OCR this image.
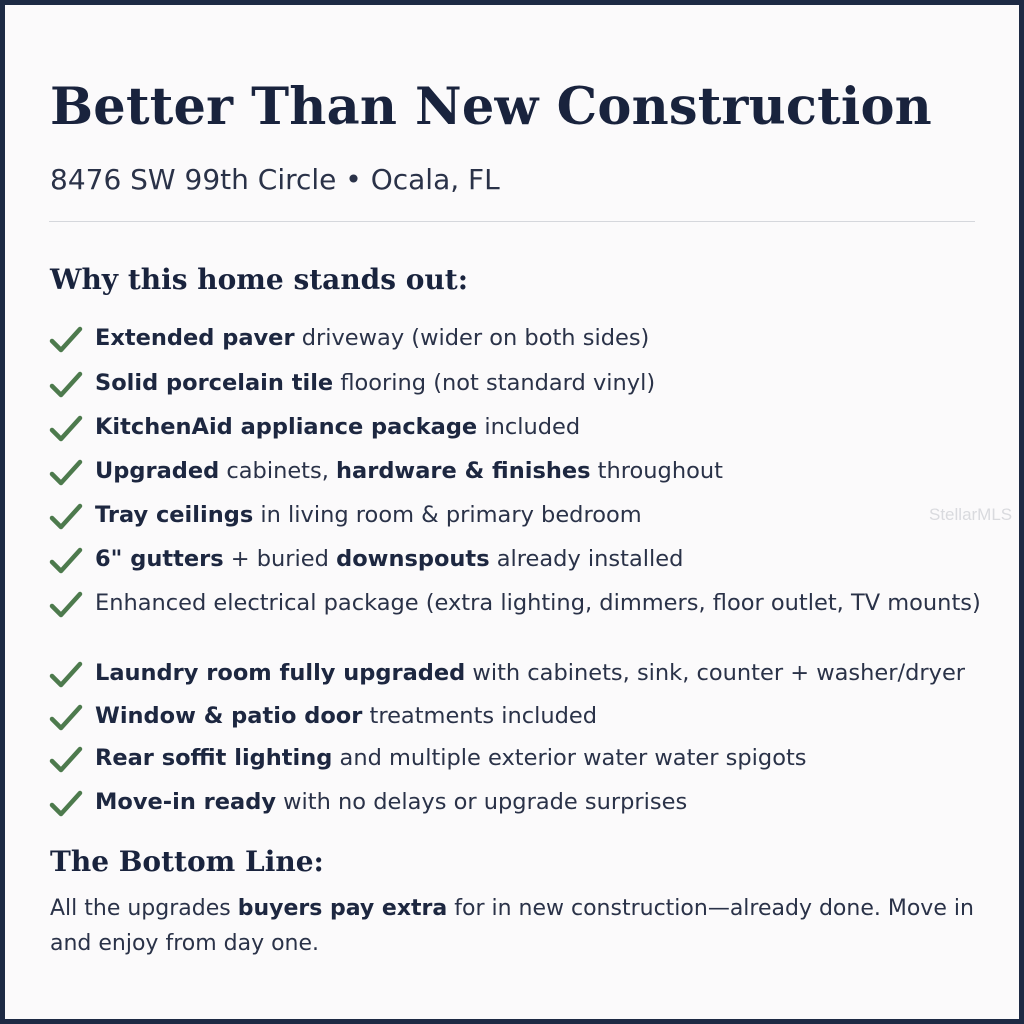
Better Than New Construction
8476 SW 99th Circle • Ocala, FL
Why this home stands out:
Extended paver driveway (wider on both sides)
Solid porcelain tile flooring (not standard vinyl)
KitchenAid appliance package included
Upgraded cabinets, hardware & finishes throughout
Tray ceilings in living room & primary bedroom
6" gutters + buried downspouts already installed
Enhanced electrical package (extra lighting, dimmers, floor outlet, TV mounts)
Laundry room fully upgraded with cabinets, sink, counter + washer/dryer
Window & patio door treatments included
Rear soffit lighting and multiple exterior water water spigots
Move-in ready with no delays or upgrade surprises
The Bottom Line:
All the upgrades buyers pay extra for in new construction—already done. Move in and enjoy from day one.
StellarMLS
